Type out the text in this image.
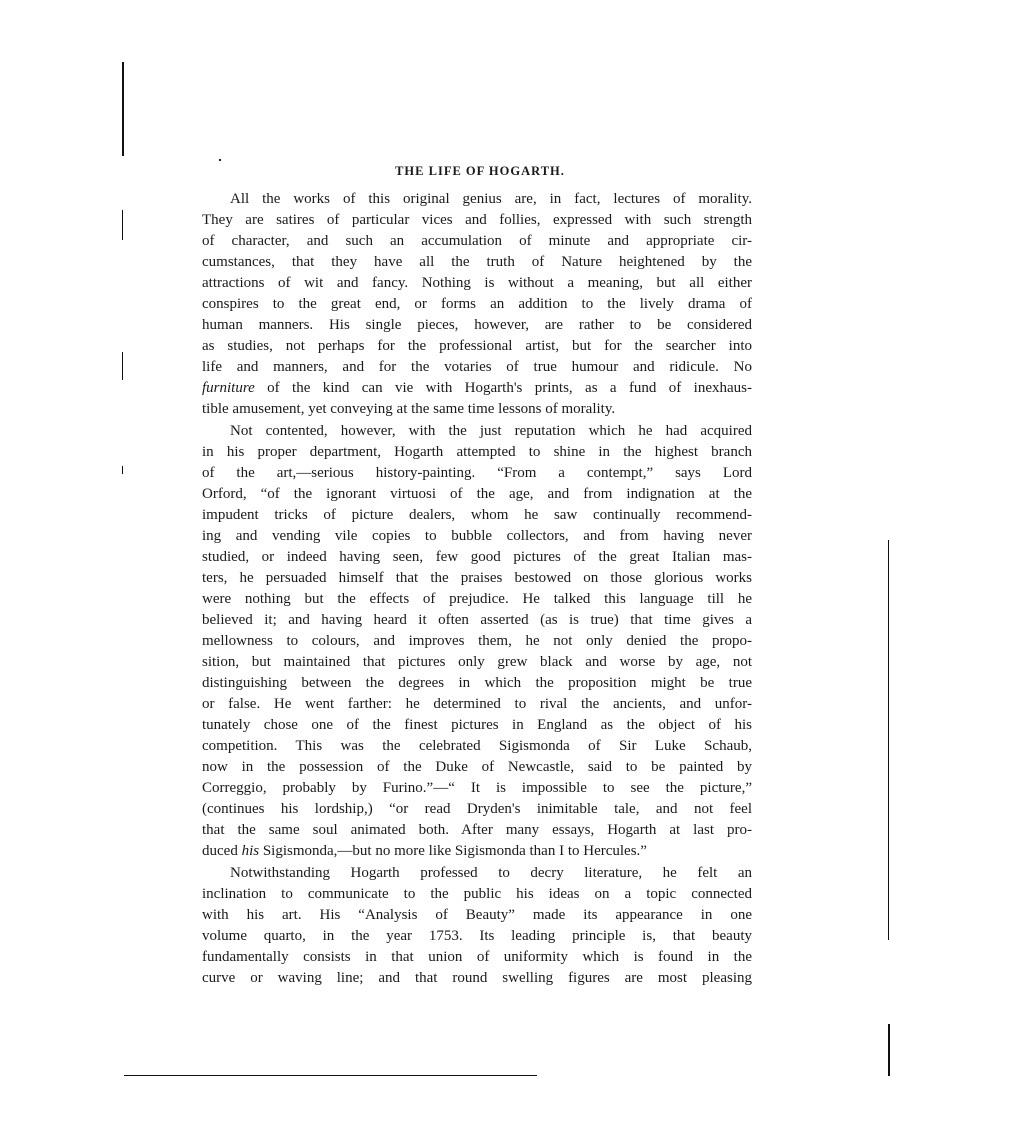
THE LIFE OF HOGARTH.
All the works of this original genius are, in fact, lectures of morality.
They are satires of particular vices and follies, expressed with such strength
of character, and such an accumulation of minute and appropriate cir-
cumstances, that they have all the truth of Nature heightened by the
attractions of wit and fancy. Nothing is without a meaning, but all either
conspires to the great end, or forms an addition to the lively drama of
human manners. His single pieces, however, are rather to be considered
as studies, not perhaps for the professional artist, but for the searcher into
life and manners, and for the votaries of true humour and ridicule. No
furniture of the kind can vie with Hogarth's prints, as a fund of inexhaus-
tible amusement, yet conveying at the same time lessons of morality.
Not contented, however, with the just reputation which he had acquired
in his proper department, Hogarth attempted to shine in the highest branch
of the art,—serious history-painting. “From a contempt,” says Lord
Orford, “of the ignorant virtuosi of the age, and from indignation at the
impudent tricks of picture dealers, whom he saw continually recommend-
ing and vending vile copies to bubble collectors, and from having never
studied, or indeed having seen, few good pictures of the great Italian mas-
ters, he persuaded himself that the praises bestowed on those glorious works
were nothing but the effects of prejudice. He talked this language till he
believed it; and having heard it often asserted (as is true) that time gives a
mellowness to colours, and improves them, he not only denied the propo-
sition, but maintained that pictures only grew black and worse by age, not
distinguishing between the degrees in which the proposition might be true
or false. He went farther: he determined to rival the ancients, and unfor-
tunately chose one of the finest pictures in England as the object of his
competition. This was the celebrated Sigismonda of Sir Luke Schaub,
now in the possession of the Duke of Newcastle, said to be painted by
Correggio, probably by Furino.”—“ It is impossible to see the picture,”
(continues his lordship,) “or read Dryden's inimitable tale, and not feel
that the same soul animated both. After many essays, Hogarth at last pro-
duced his Sigismonda,—but no more like Sigismonda than I to Hercules.”
Notwithstanding Hogarth professed to decry literature, he felt an
inclination to communicate to the public his ideas on a topic connected
with his art. His “Analysis of Beauty” made its appearance in one
volume quarto, in the year 1753. Its leading principle is, that beauty
fundamentally consists in that union of uniformity which is found in the
curve or waving line; and that round swelling figures are most pleasing
